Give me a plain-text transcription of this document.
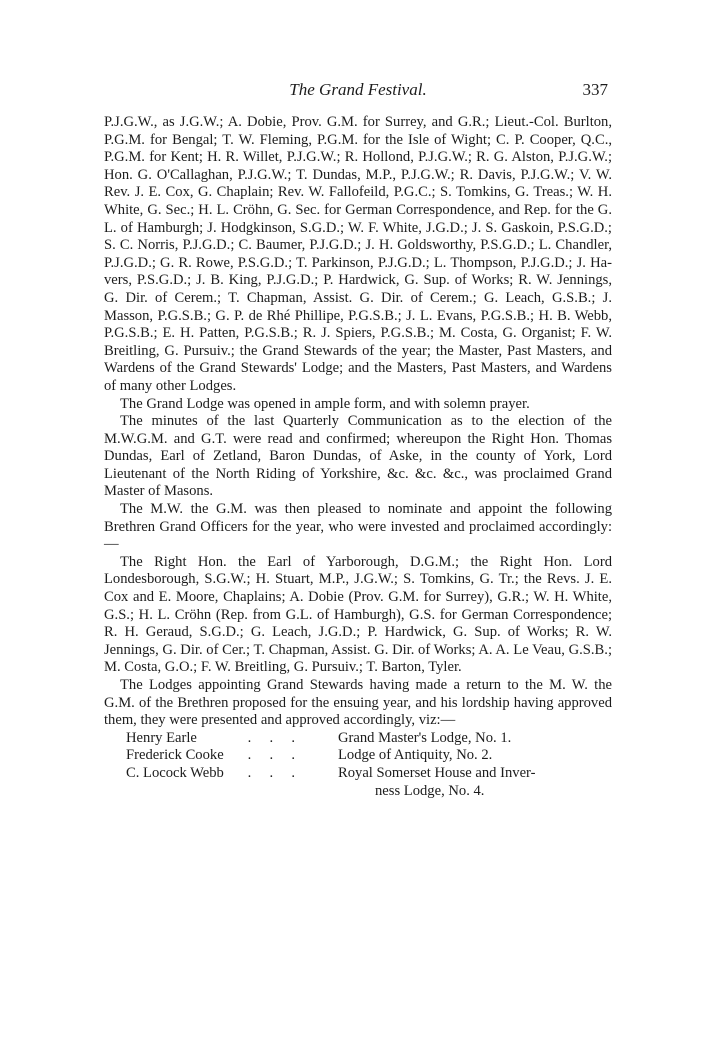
The Grand Festival.	337

P.J.G.W., as J.G.W.; A. Dobie, Prov. G.M. for Surrey, and G.R.; Lieut.-Col. Burlton, P.G.M. for Bengal; T. W. Fleming, P.G.M. for the Isle of Wight; C. P. Cooper, Q.C., P.G.M. for Kent; H. R. Willet, P.J.G.W.; R. Hollond, P.J.G.W.; R. G. Alston, P.J.G.W.; Hon. G. O'Callaghan, P.J.G.W.; T. Dundas, M.P., P.J.G.W.; R. Davis, P.J.G.W.; V. W. Rev. J. E. Cox, G. Chaplain; Rev. W. Fallofeild, P.G.C.; S. Tomkins, G. Treas.; W. H. White, G. Sec.; H. L. Cröhn, G. Sec. for German Correspondence, and Rep. for the G. L. of Hamburgh; J. Hodgkinson, S.G.D.; W. F. White, J.G.D.; J. S. Gaskoin, P.S.G.D.; S. C. Norris, P.J.G.D.; C. Baumer, P.J.G.D.; J. H. Goldsworthy, P.S.G.D.; L. Chandler, P.J.G.D.; G. R. Rowe, P.S.G.D.; T. Parkinson, P.J.G.D.; L. Thompson, P.J.G.D.; J. Havers, P.S.G.D.; J. B. King, P.J.G.D.; P. Hardwick, G. Sup. of Works; R. W. Jennings, G. Dir. of Cerem.; T. Chapman, Assist. G. Dir. of Cerem.; G. Leach, G.S.B.; J. Masson, P.G.S.B.; G. P. de Rhé Phillipe, P.G.S.B.; J. L. Evans, P.G.S.B.; H. B. Webb, P.G.S.B.; E. H. Patten, P.G.S.B.; R. J. Spiers, P.G.S.B.; M. Costa, G. Organist; F. W. Breitling, G. Pursuiv.; the Grand Stewards of the year; the Master, Past Masters, and Wardens of the Grand Stewards' Lodge; and the Masters, Past Masters, and Wardens of many other Lodges.

The Grand Lodge was opened in ample form, and with solemn prayer.

The minutes of the last Quarterly Communication as to the election of the M.W.G.M. and G.T. were read and confirmed; whereupon the Right Hon. Thomas Dundas, Earl of Zetland, Baron Dundas, of Aske, in the county of York, Lord Lieutenant of the North Riding of Yorkshire, &c. &c. &c., was proclaimed Grand Master of Masons.

The M.W. the G.M. was then pleased to nominate and appoint the following Brethren Grand Officers for the year, who were invested and proclaimed accordingly:—

The Right Hon. the Earl of Yarborough, D.G.M.; the Right Hon. Lord Londesborough, S.G.W.; H. Stuart, M.P., J.G.W.; S. Tomkins, G. Tr.; the Revs. J. E. Cox and E. Moore, Chaplains; A. Dobie (Prov. G.M. for Surrey), G.R.; W. H. White, G.S.; H. L. Cröhn (Rep. from G.L. of Hamburgh), G.S. for German Correspondence; R. H. Geraud, S.G.D.; G. Leach, J.G.D.; P. Hardwick, G. Sup. of Works; R. W. Jennings, G. Dir. of Cer.; T. Chapman, Assist. G. Dir. of Works; A. A. Le Veau, G.S.B.; M. Costa, G.O.; F. W. Breitling, G. Pursuiv.; T. Barton, Tyler.

The Lodges appointing Grand Stewards having made a return to the M. W. the G.M. of the Brethren proposed for the ensuing year, and his lordship having approved them, they were presented and approved accordingly, viz:—

Henry Earle	.     .     .	Grand Master's Lodge, No. 1.
Frederick Cooke	.     .     .	Lodge of Antiquity, No. 2.
C. Locock Webb	.     .     .	Royal Somerset House and Inver-
ness Lodge, No. 4.
